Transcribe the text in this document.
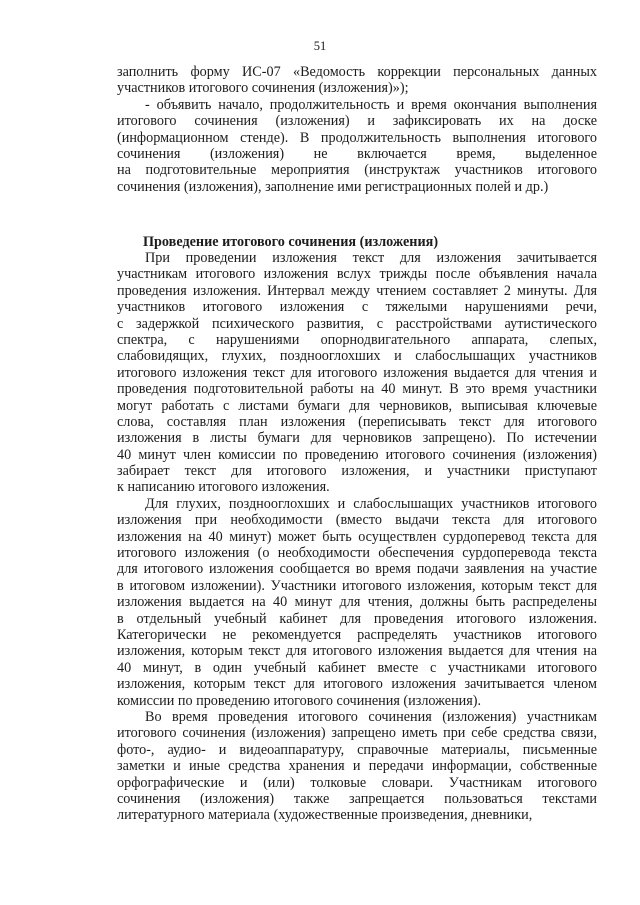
51
заполнить форму ИС-07 «Ведомость коррекции персональных данных
участников итогового сочинения (изложения)»);
- объявить начало, продолжительность и время окончания выполнения
итогового сочинения (изложения) и зафиксировать их на доске
(информационном стенде). В продолжительность выполнения итогового
сочинения (изложения) не включается время, выделенное
на подготовительные мероприятия (инструктаж участников итогового
сочинения (изложения), заполнение ими регистрационных полей и др.)
Проведение итогового сочинения (изложения)
При проведении изложения текст для изложения зачитывается
участникам итогового изложения вслух трижды после объявления начала
проведения изложения. Интервал между чтением составляет 2 минуты. Для
участников итогового изложения с тяжелыми нарушениями речи,
с задержкой психического развития, с расстройствами аутистического
спектра, с нарушениями опорнодвигательного аппарата, слепых,
слабовидящих, глухих, позднооглохших и слабослышащих участников
итогового изложения текст для итогового изложения выдается для чтения и
проведения подготовительной работы на 40 минут. В это время участники
могут работать с листами бумаги для черновиков, выписывая ключевые
слова, составляя план изложения (переписывать текст для итогового
изложения в листы бумаги для черновиков запрещено). По истечении
40 минут член комиссии по проведению итогового сочинения (изложения)
забирает текст для итогового изложения, и участники приступают
к написанию итогового изложения.
Для глухих, позднооглохших и слабослышащих участников итогового
изложения при необходимости (вместо выдачи текста для итогового
изложения на 40 минут) может быть осуществлен сурдоперевод текста для
итогового изложения (о необходимости обеспечения сурдоперевода текста
для итогового изложения сообщается во время подачи заявления на участие
в итоговом изложении). Участники итогового изложения, которым текст для
изложения выдается на 40 минут для чтения, должны быть распределены
в отдельный учебный кабинет для проведения итогового изложения.
Категорически не рекомендуется распределять участников итогового
изложения, которым текст для итогового изложения выдается для чтения на
40 минут, в один учебный кабинет вместе с участниками итогового
изложения, которым текст для итогового изложения зачитывается членом
комиссии по проведению итогового сочинения (изложения).
Во время проведения итогового сочинения (изложения) участникам
итогового сочинения (изложения) запрещено иметь при себе средства связи,
фото-, аудио- и видеоаппаратуру, справочные материалы, письменные
заметки и иные средства хранения и передачи информации, собственные
орфографические и (или) толковые словари. Участникам итогового
сочинения (изложения) также запрещается пользоваться текстами
литературного материала (художественные произведения, дневники,
